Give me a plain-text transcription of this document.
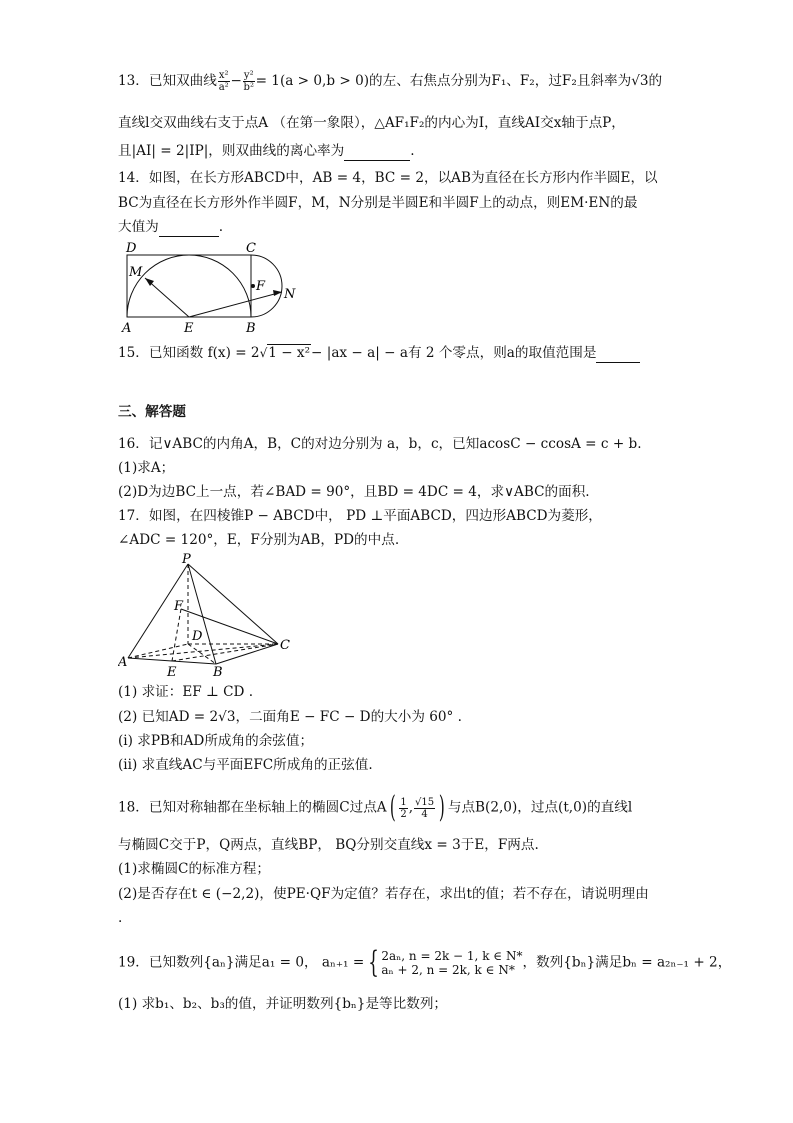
13．已知双曲线 $\frac{\text{x²}}{\text{a²}} - \frac{\text{y²}}{\text{b²}} = 1(a > 0,b > 0)$的左、右焦点分别为F₁、F₂，过F₂且斜率为√3的
直线l交双曲线右支于点A （在第一象限），△AF₁F₂的内心为I，直线AI交x轴于点P，
且|AI| = 2|IP|，则双曲线的离心率为	.
14．如图，在长方形ABCD中，AB = 4，BC = 2，以AB为直径在长方形内作半圆E，以
BC为直径在长方形外作半圆F，M，N分别是半圆E和半圆F上的动点，则EM·EN的最
大值为	.
D	C
M
F
N
A	E	B
15．已知函数 f(x) = 2√1 − x²− |ax − a| − a有 2 个零点，则a的取值范围是
三、解答题
16．记∨ABC的内角A，B，C的对边分别为 a，b，c，已知acosC − ccosA = c + b.
(1)求A；
(2)D为边BC上一点，若∠BAD = 90°，且BD = 4DC = 4，求∨ABC的面积.
17．如图，在四棱锥P − ABCD中， PD ⊥平面ABCD，四边形ABCD为菱形，
∠ADC = 120°，E，F分别为AB，PD的中点.
P
F
D
C
A
E	B
(1) 求证：EF ⊥ CD .
(2) 已知AD = 2√3，二面角E − FC − D的大小为 60° .
(i) 求PB和AD所成角的余弦值；
(ii) 求直线AC与平面EFC所成角的正弦值.
18．已知对称轴都在坐标轴上的椭圆C过点$A( \frac{1}{2}$ , $\frac{√15}{4}$ ) 与点B(2,0)，过点(t,0)的直线l
与椭圆C交于P，Q两点，直线BP， BQ分别交直线x = 3于E，F两点.
(1)求椭圆C的标准方程；
(2)是否存在t ∈ (−2,2)，使PE·QF为定值？若存在，求出t的值；若不存在，请说明理由
.
19．已知数列{aₙ}满足a₁ = 0， aₙ₊₁ = { 2aₙ, n = 2k − 1, k ∈ N*
aₙ + 2, n = 2k, k ∈ N* ，数列{bₙ}满足bₙ = a₂ₙ₋₁ + 2，
(1) 求b₁、b₂、b₃的值，并证明数列{bₙ}是等比数列；
